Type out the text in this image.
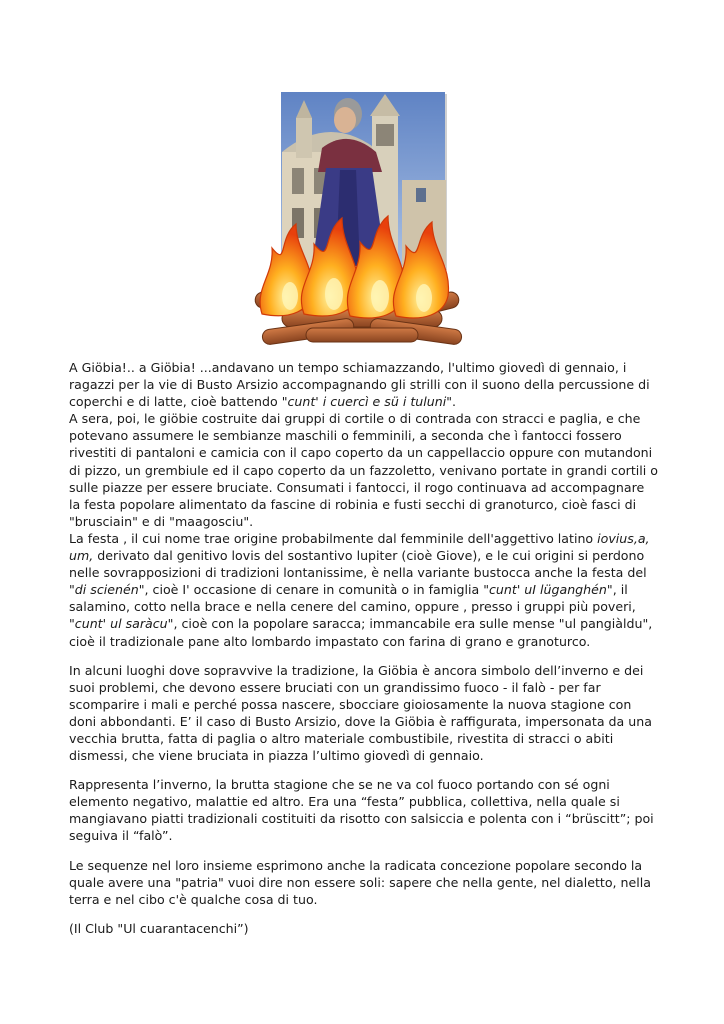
A Giöbia!.. a Giöbia! ...andavano un tempo schiamazzando, l'ultimo giovedì di gennaio, i ragazzi per la vie di Busto Arsizio accompagnando gli strilli con il suono della percussione di coperchi e di latte, cioè battendo "cunt' i cuercì e sü i tuluni".

A sera, poi, le giöbie costruite dai gruppi di cortile o di contrada con stracci e paglia, e che potevano assumere le sembianze maschili o femminili, a seconda che ì fantocci fossero rivestiti di pantaloni e camicia con il capo coperto da un cappellaccio oppure con mutandoni di pizzo, un grembiule ed il capo coperto da un fazzoletto, venivano portate in grandi cortili o sulle piazze per essere bruciate. Consumati i fantocci, il rogo continuava ad accompagnare la festa popolare alimentato da fascine di robinia e fusti secchi di granoturco, cioè fasci di "brusciain" e di "maagosciu".

La festa , il cui nome trae origine probabilmente dal femminile dell'aggettivo latino iovius,a, um, derivato dal genitivo lovis del sostantivo lupiter (cioè Giove), e le cui origini si perdono nelle sovrapposizioni di tradizioni lontanissime, è nella variante bustocca anche la festa del "di scienén", cioè I' occasione di cenare in comunità o in famiglia "cunt' uI lüganghén", il salamino, cotto nella brace e nella cenere del camino, oppure , presso i gruppi più poveri, "cunt' ul saràcu", cioè con la popolare saracca; immancabile era sulle mense "ul pangiàldu", cioè il tradizionale pane alto lombardo impastato con farina di grano e granoturco.

In alcuni luoghi dove sopravvive la tradizione, la Giöbia è ancora simbolo dell’inverno e dei suoi problemi, che devono essere bruciati con un grandissimo fuoco - il falò - per far scomparire i mali e perché possa nascere, sbocciare gioiosamente la nuova stagione con doni abbondanti. E’ il caso di Busto Arsizio, dove la Giöbia è raffigurata, impersonata da una vecchia brutta, fatta di paglia o altro materiale combustibile, rivestita di stracci o abiti dismessi, che viene bruciata in piazza l’ultimo giovedì di gennaio.

Rappresenta l’inverno, la brutta stagione che se ne va col fuoco portando con sé ogni elemento negativo, malattie ed altro. Era una “festa” pubblica, collettiva, nella quale si mangiavano piatti tradizionali costituiti da risotto con salsiccia e polenta con i “brüscitt”; poi seguiva il “falò”.

Le sequenze nel loro insieme esprimono anche la radicata concezione popolare secondo la quale avere una "patria" vuoi dire non essere soli: sapere che nella gente, nel dialetto, nella terra e nel cibo c'è qualche cosa di tuo.

(Il Club "Ul cuarantacenchi”)
